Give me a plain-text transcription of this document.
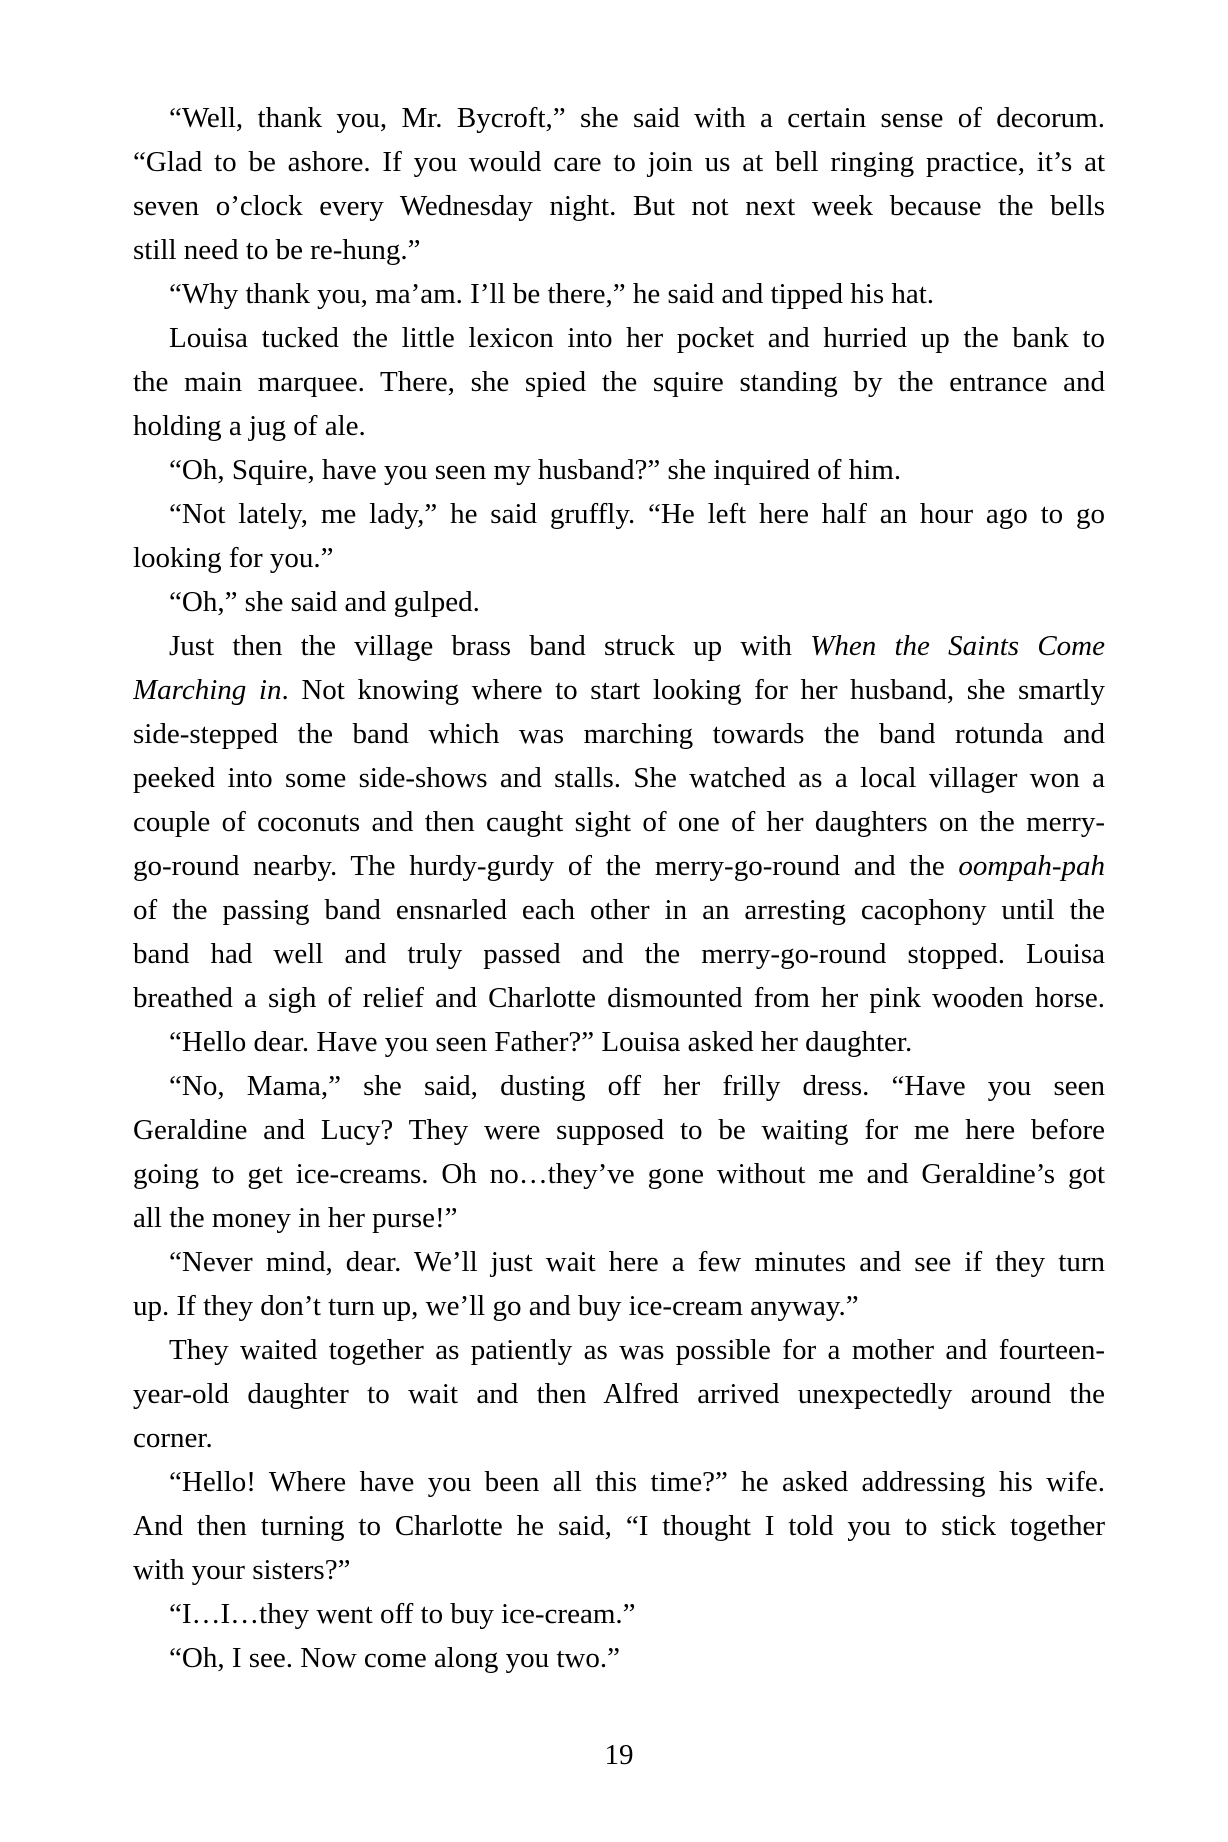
“Well, thank you, Mr. Bycroft,” she said with a certain sense of decorum.
“Glad to be ashore. If you would care to join us at bell ringing practice, it’s at
seven o’clock every Wednesday night. But not next week because the bells
still need to be re-hung.”
“Why thank you, ma’am. I’ll be there,” he said and tipped his hat.
Louisa tucked the little lexicon into her pocket and hurried up the bank to
the main marquee. There, she spied the squire standing by the entrance and
holding a jug of ale.
“Oh, Squire, have you seen my husband?” she inquired of him.
“Not lately, me lady,” he said gruffly. “He left here half an hour ago to go
looking for you.”
“Oh,” she said and gulped.
Just then the village brass band struck up with When the Saints Come
Marching in. Not knowing where to start looking for her husband, she smartly
side-stepped the band which was marching towards the band rotunda and
peeked into some side-shows and stalls. She watched as a local villager won a
couple of coconuts and then caught sight of one of her daughters on the merry-
go-round nearby. The hurdy-gurdy of the merry-go-round and the oompah-pah
of the passing band ensnarled each other in an arresting cacophony until the
band had well and truly passed and the merry-go-round stopped. Louisa
breathed a sigh of relief and Charlotte dismounted from her pink wooden horse.
“Hello dear. Have you seen Father?” Louisa asked her daughter.
“No, Mama,” she said, dusting off her frilly dress. “Have you seen
Geraldine and Lucy? They were supposed to be waiting for me here before
going to get ice-creams. Oh no…they’ve gone without me and Geraldine’s got
all the money in her purse!”
“Never mind, dear. We’ll just wait here a few minutes and see if they turn
up. If they don’t turn up, we’ll go and buy ice-cream anyway.”
They waited together as patiently as was possible for a mother and fourteen-
year-old daughter to wait and then Alfred arrived unexpectedly around the
corner.
“Hello! Where have you been all this time?” he asked addressing his wife.
And then turning to Charlotte he said, “I thought I told you to stick together
with your sisters?”
“I…I…they went off to buy ice-cream.”
“Oh, I see. Now come along you two.”
19
